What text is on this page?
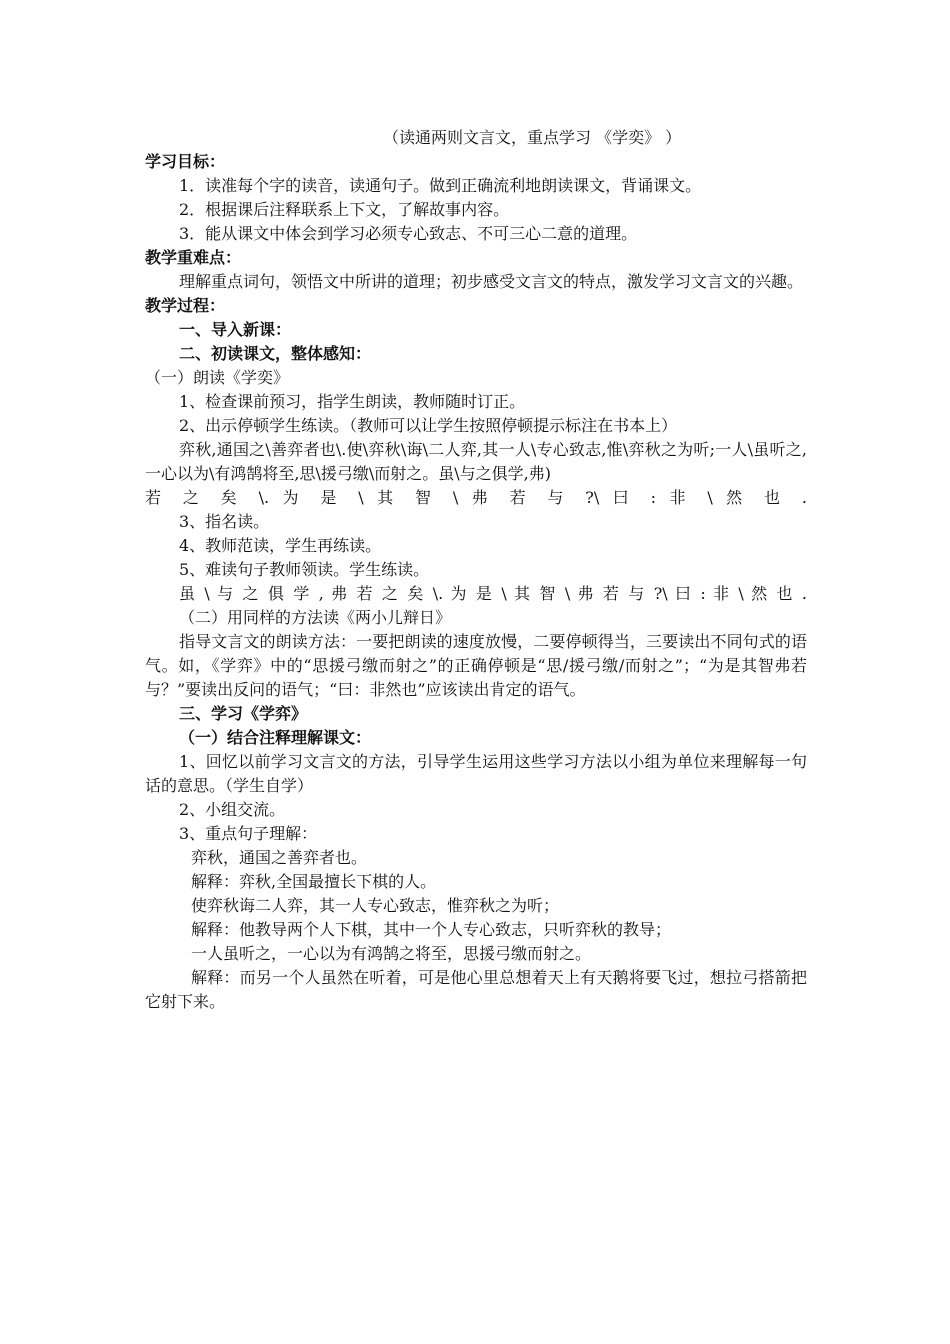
（读通两则文言文，重点学习 《学奕》 ）

学习目标：

1．读准每个字的读音，读通句子。做到正确流利地朗读课文，背诵课文。

2．根据课后注释联系上下文，了解故事内容。

3．能从课文中体会到学习必须专心致志、不可三心二意的道理。

教学重难点：

理解重点词句，领悟文中所讲的道理；初步感受文言文的特点，激发学习文言文的兴趣。

教学过程：

一、导入新课：

二、初读课文，整体感知：

（一）朗读《学奕》

1、检查课前预习，指学生朗读，教师随时订正。

2、出示停顿学生练读。（教师可以让学生按照停顿提示标注在书本上）

弈秋,通国之\善弈者也\.使\弈秋\诲\二人弈,其一人\专心致志,惟\弈秋之为听;一人\虽听之,一心以为\有鸿鹄将至,思\援弓缴\而射之。虽\与之俱学,弗)

若 之 矣 \. 为 是 \ 其 智 \ 弗 若 与 ?\ 曰 : 非 \ 然 也 .

3、指名读。

4、教师范读，学生再练读。

5、难读句子教师领读。学生练读。

虽 \ 与 之 俱 学 , 弗 若 之 矣 \. 为 是 \ 其 智 \ 弗 若 与 ?\ 曰 : 非 \ 然 也 .

（二）用同样的方法读《两小儿辩日》

指导文言文的朗读方法：一要把朗读的速度放慢，二要停顿得当，三要读出不同句式的语气。如，《学弈》中的“思援弓缴而射之”的正确停顿是“思/援弓缴/而射之”；“为是其智弗若与？”要读出反问的语气；“曰：非然也”应该读出肯定的语气。

三、学习《学弈》

（一）结合注释理解课文：

1、回忆以前学习文言文的方法，引导学生运用这些学习方法以小组为单位来理解每一句话的意思。（学生自学）

2、小组交流。

3、重点句子理解：

弈秋，通国之善弈者也。

解释：弈秋,全国最擅长下棋的人。

使弈秋诲二人弈，其一人专心致志，惟弈秋之为听；

解释：他教导两个人下棋，其中一个人专心致志，只听弈秋的教导；

一人虽听之，一心以为有鸿鹄之将至，思援弓缴而射之。

解释：而另一个人虽然在听着，可是他心里总想着天上有天鹅将要飞过，想拉弓搭箭把它射下来。
